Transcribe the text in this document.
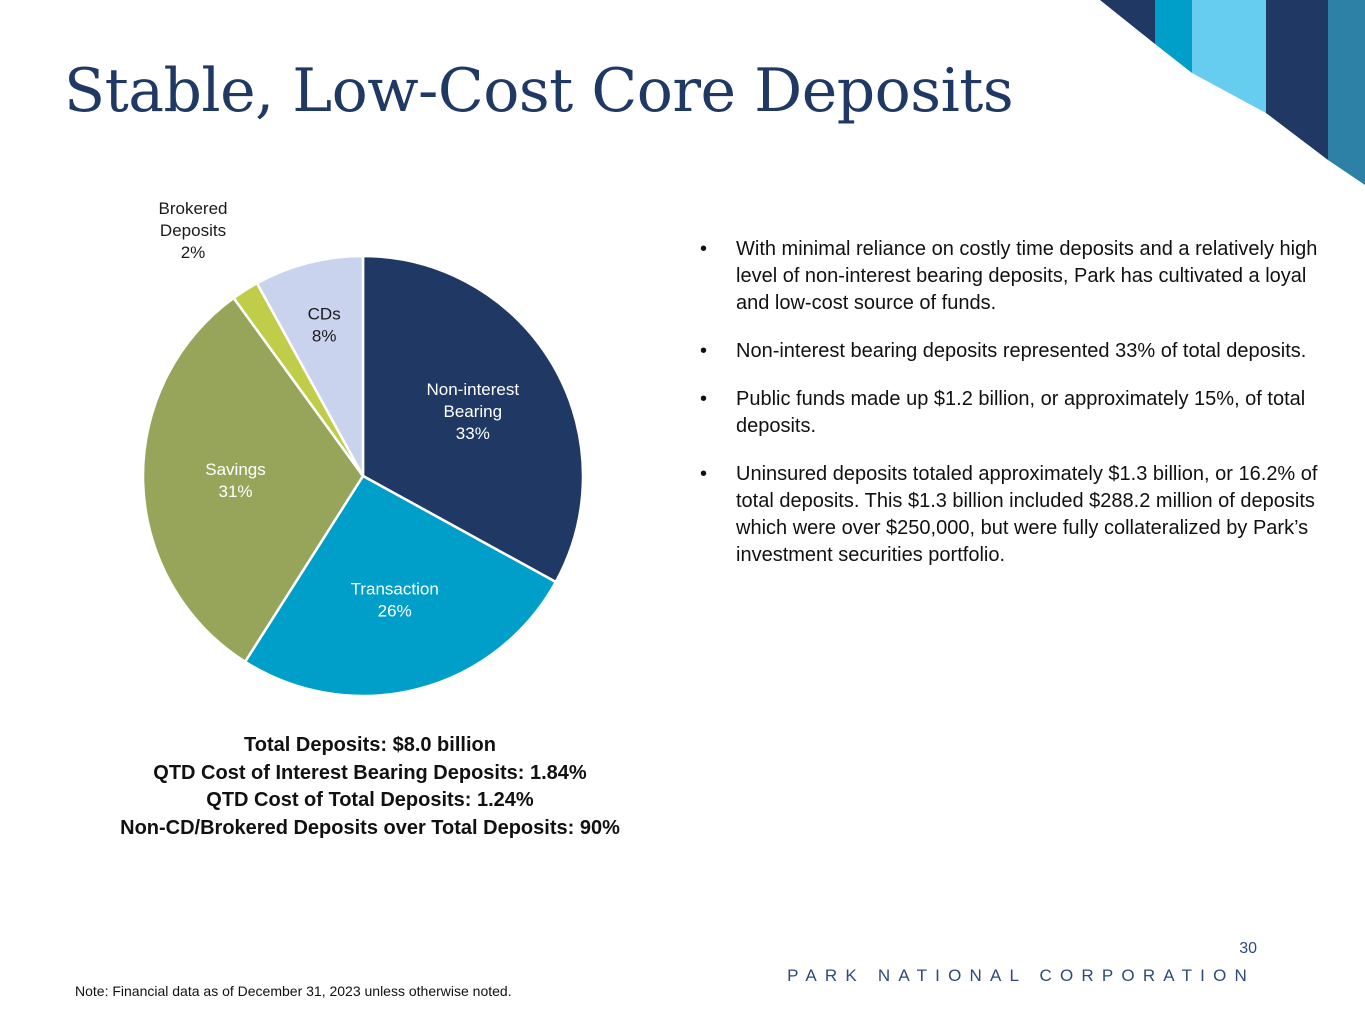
Stable, Low-Cost Core Deposits
Non-interest Bearing 33%
Transaction 26%
Savings 31%
Brokered Deposits 2%
CDs 8%
Total Deposits: $8.0 billion
QTD Cost of Interest Bearing Deposits: 1.84%
QTD Cost of Total Deposits: 1.24%
Non-CD/Brokered Deposits over Total Deposits: 90%
• With minimal reliance on costly time deposits and a relatively high level of non-interest bearing deposits, Park has cultivated a loyal and low-cost source of funds.
• Non-interest bearing deposits represented 33% of total deposits.
• Public funds made up $1.2 billion, or approximately 15%, of total deposits.
• Uninsured deposits totaled approximately $1.3 billion, or 16.2% of total deposits. This $1.3 billion included $288.2 million of deposits which were over $250,000, but were fully collateralized by Park’s investment securities portfolio.
30
PARK NATIONAL CORPORATION
Note: Financial data as of December 31, 2023 unless otherwise noted.
